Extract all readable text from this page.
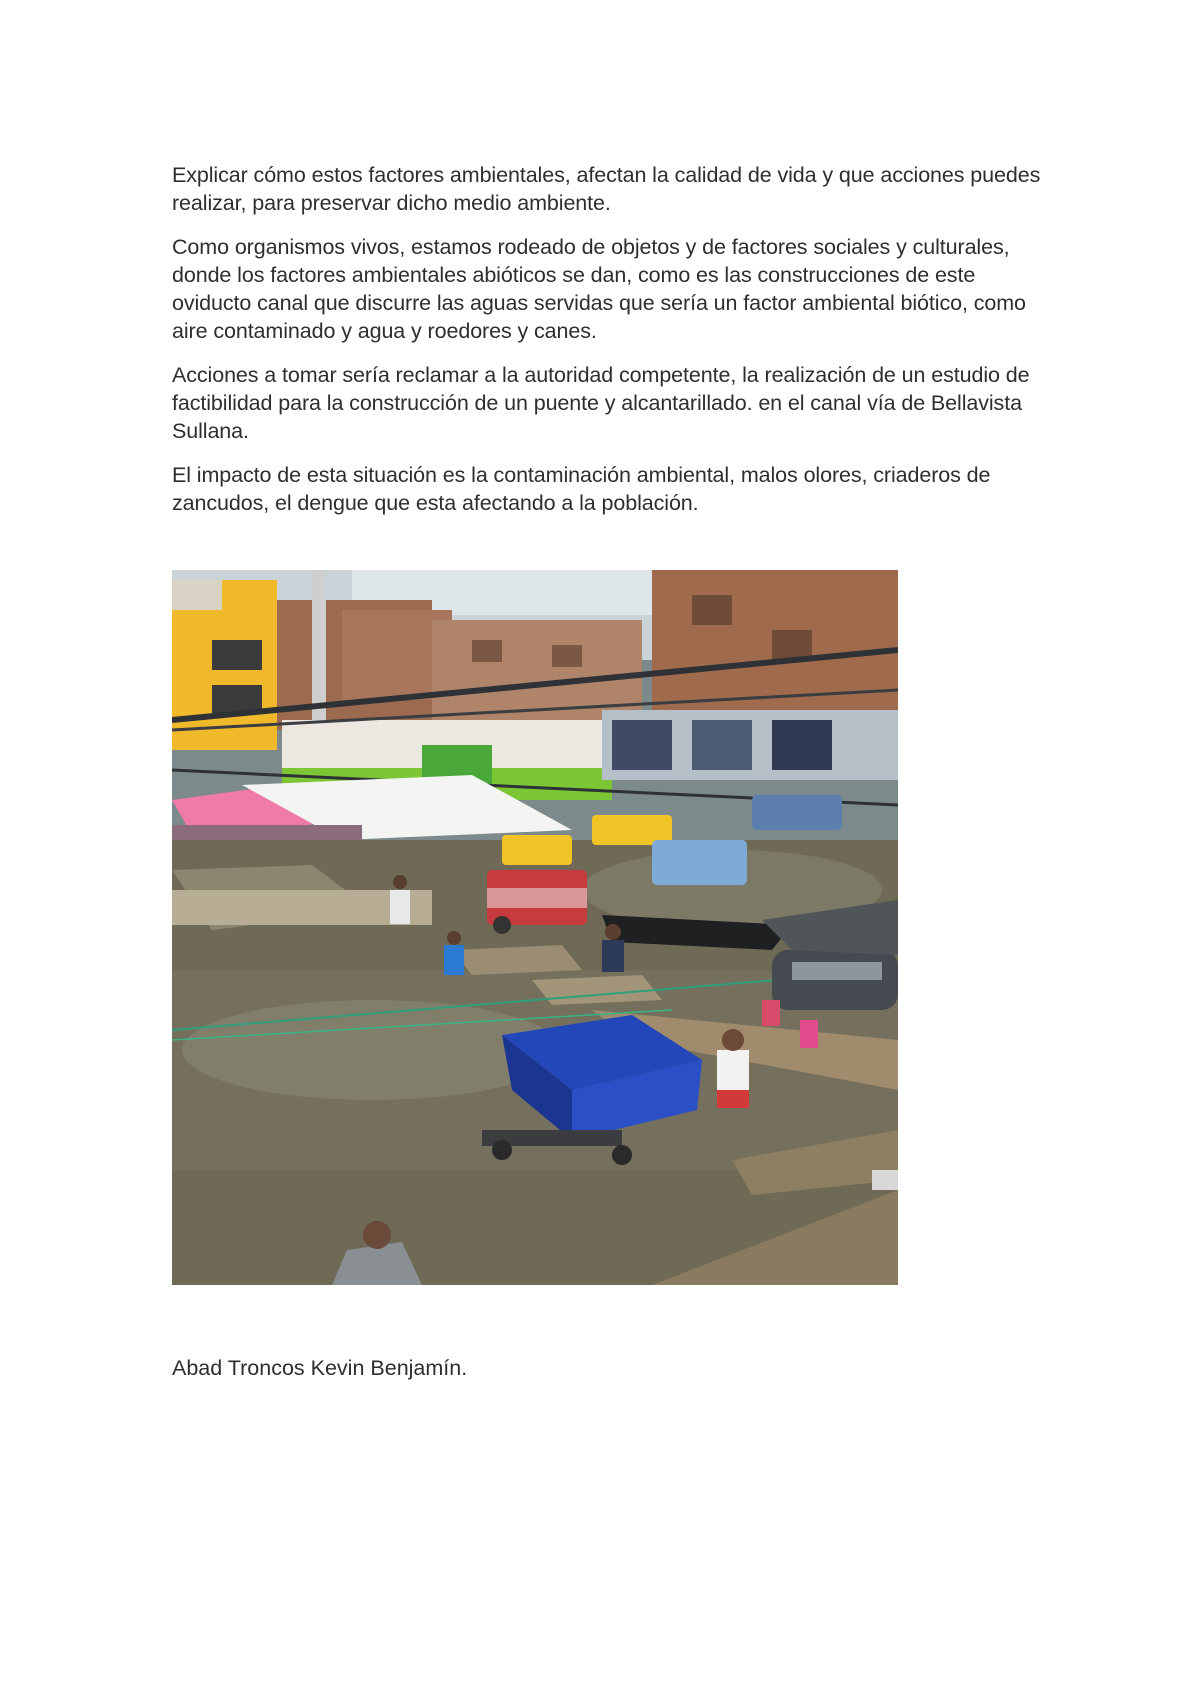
Explicar cómo estos factores ambientales, afectan la calidad de vida y que acciones puedes realizar, para preservar dicho medio ambiente.

Como organismos vivos, estamos rodeado de objetos y de factores sociales y culturales, donde los factores ambientales abióticos se dan, como es las construcciones de este oviducto canal que discurre las aguas servidas que sería un factor ambiental biótico, como aire contaminado y agua y roedores y canes.

Acciones a tomar sería reclamar a la autoridad competente, la realización de un estudio de factibilidad para la construcción de un puente y alcantarillado. en el canal vía de Bellavista Sullana.

El impacto de esta situación es la contaminación ambiental, malos olores, criaderos de zancudos, el dengue que esta afectando a la población.

Abad Troncos Kevin Benjamín.
